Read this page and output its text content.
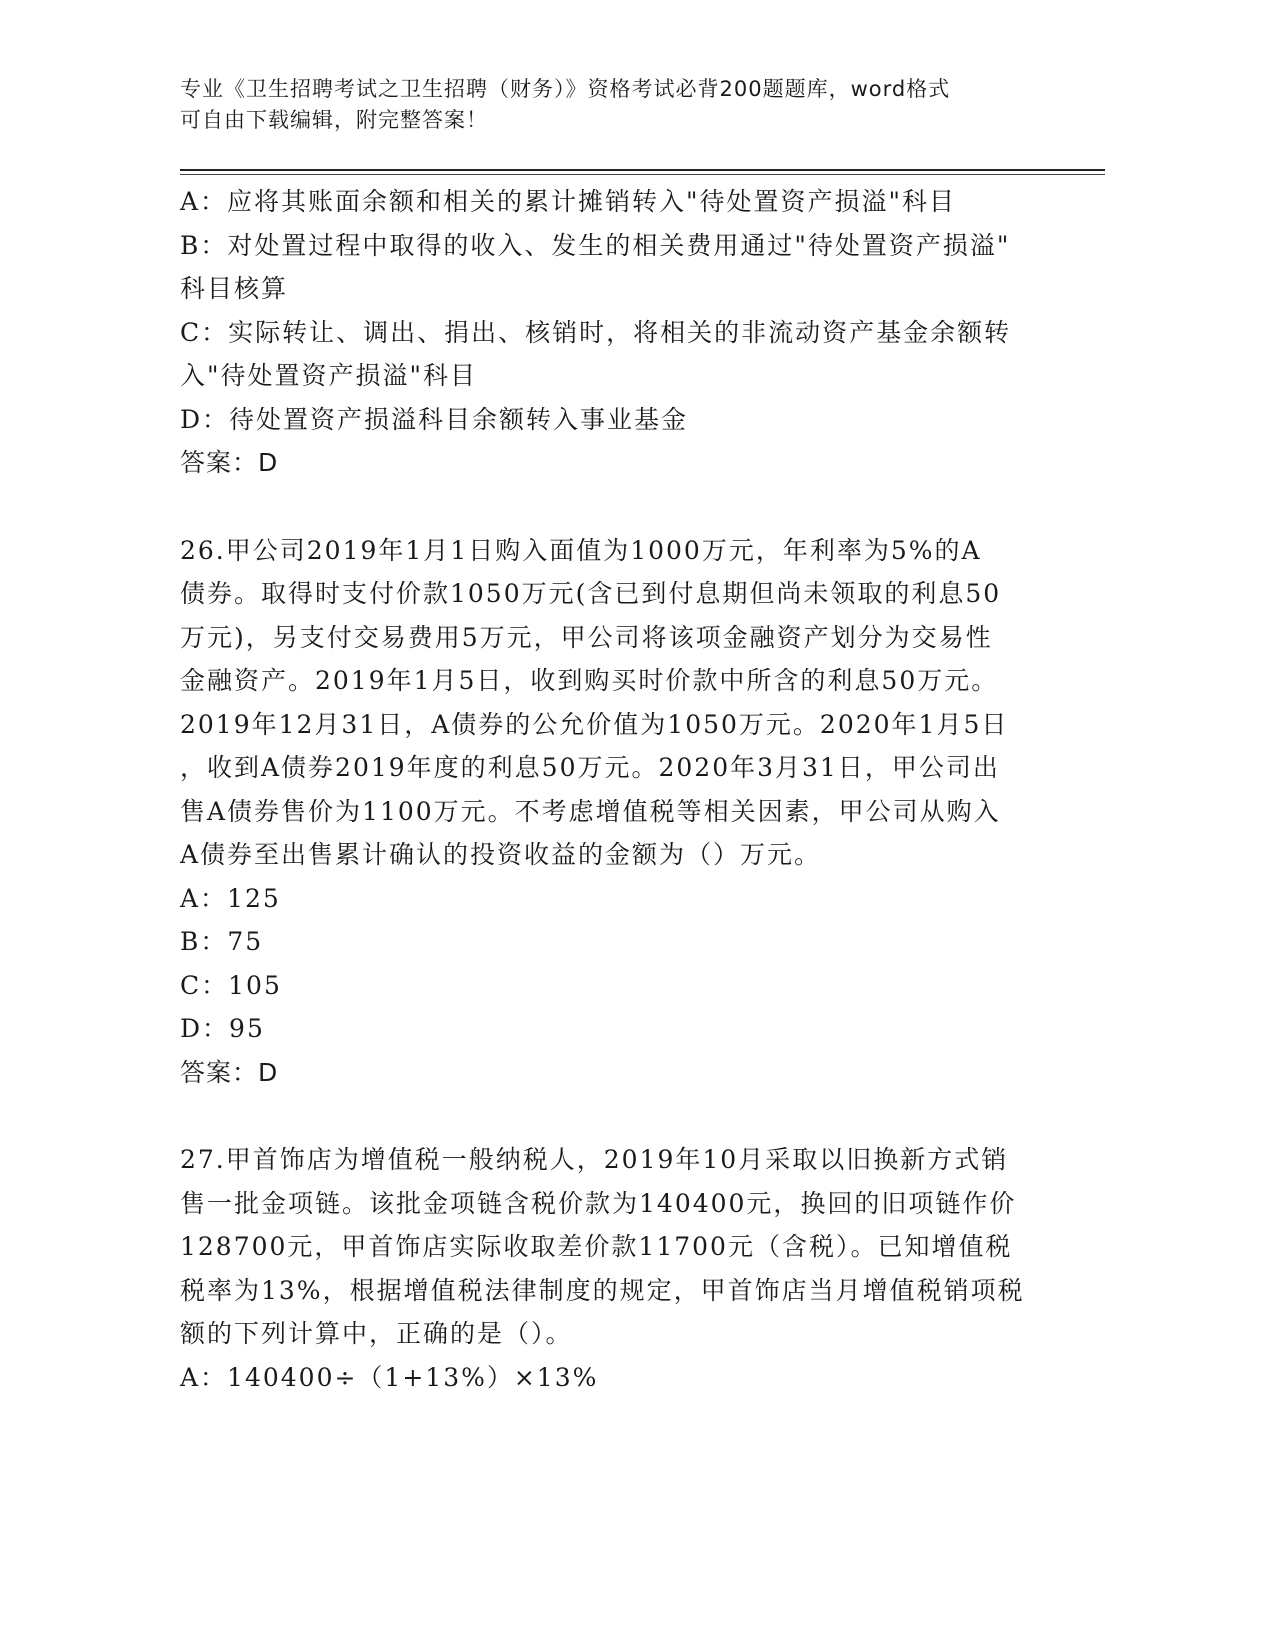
专业《卫生招聘考试之卫生招聘（财务）》资格考试必背200题题库，word格式
可自由下载编辑，附完整答案！
A：应将其账面余额和相关的累计摊销转入"待处置资产损溢"科目
B：对处置过程中取得的收入、发生的相关费用通过"待处置资产损溢"
科目核算
C：实际转让、调出、捐出、核销时，将相关的非流动资产基金余额转
入"待处置资产损溢"科目
D：待处置资产损溢科目余额转入事业基金
答案：D
26.甲公司2019年1月1日购入面值为1000万元，年利率为5%的A
债券。取得时支付价款1050万元(含已到付息期但尚未领取的利息50
万元)，另支付交易费用5万元，甲公司将该项金融资产划分为交易性
金融资产。2019年1月5日，收到购买时价款中所含的利息50万元。
2019年12月31日，A债券的公允价值为1050万元。2020年1月5日
，收到A债券2019年度的利息50万元。2020年3月31日，甲公司出
售A债券售价为1100万元。不考虑增值税等相关因素，甲公司从购入
A债券至出售累计确认的投资收益的金额为（）万元。
A：125
B：75
C：105
D：95
答案：D
27.甲首饰店为增值税一般纳税人，2019年10月采取以旧换新方式销
售一批金项链。该批金项链含税价款为140400元，换回的旧项链作价
128700元，甲首饰店实际收取差价款11700元（含税）。已知增值税
税率为13%，根据增值税法律制度的规定，甲首饰店当月增值税销项税
额的下列计算中，正确的是（）。
A：140400÷（1+13%）×13%
